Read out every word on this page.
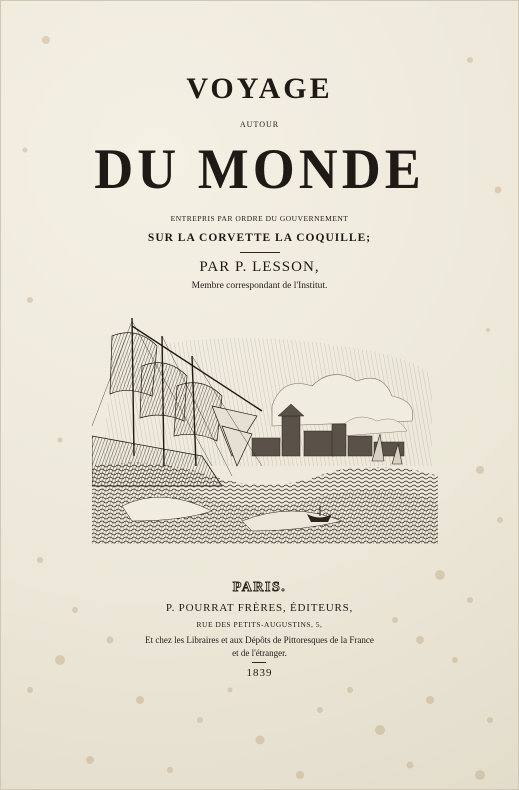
VOYAGE
AUTOUR
DU MONDE
ENTREPRIS PAR ORDRE DU GOUVERNEMENT
SUR LA CORVETTE LA COQUILLE;
PAR P. LESSON,
Membre correspondant de l'Institut.
PARIS.
P. POURRAT FRÈRES, ÉDITEURS,
RUE DES PETITS-AUGUSTINS, 5,
Et chez les Libraires et aux Dépôts de Pittoresques de la France
et de l'étranger.
1839
